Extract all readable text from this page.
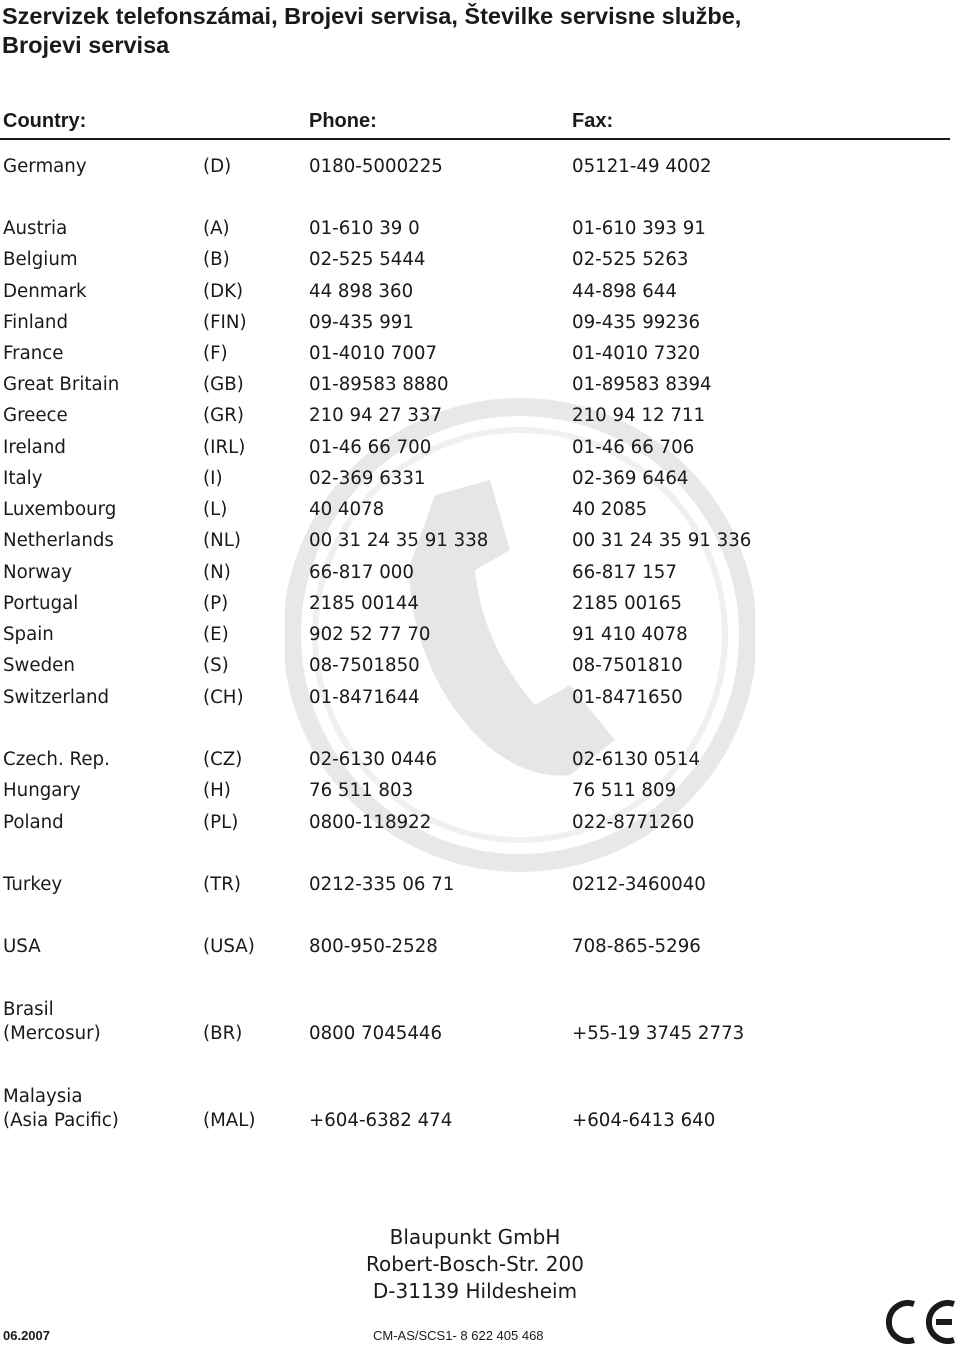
Szervizek telefonszámai, Brojevi servisa, Številke servisne službe,
Brojevi servisa
Country:	Phone:	Fax:
Germany	(D)	0180-5000225	05121-49 4002
Austria	(A)	01-610 39 0	01-610 393 91
Belgium	(B)	02-525 5444	02-525 5263
Denmark	(DK)	44 898 360	44-898 644
Finland	(FIN)	09-435 991	09-435 99236
France	(F)	01-4010 7007	01-4010 7320
Great Britain	(GB)	01-89583 8880	01-89583 8394
Greece	(GR)	210 94 27 337	210 94 12 711
Ireland	(IRL)	01-46 66 700	01-46 66 706
Italy	(I)	02-369 6331	02-369 6464
Luxembourg	(L)	40 4078	40 2085
Netherlands	(NL)	00 31 24 35 91 338	00 31 24 35 91 336
Norway	(N)	66-817 000	66-817 157
Portugal	(P)	2185 00144	2185 00165
Spain	(E)	902 52 77 70	91 410 4078
Sweden	(S)	08-7501850	08-7501810
Switzerland	(CH)	01-8471644	01-8471650
Czech. Rep.	(CZ)	02-6130 0446	02-6130 0514
Hungary	(H)	76 511 803	76 511 809
Poland	(PL)	0800-118922	022-8771260
Turkey	(TR)	0212-335 06 71	0212-3460040
USA	(USA)	800-950-2528	708-865-5296
Brasil
(Mercosur)	(BR)	0800 7045446	+55-19 3745 2773
Malaysia
(Asia Pacific)	(MAL)	+604-6382 474	+604-6413 640
Blaupunkt GmbH
Robert-Bosch-Str. 200
D-31139 Hildesheim
06.2007	CM-AS/SCS1- 8 622 405 468
